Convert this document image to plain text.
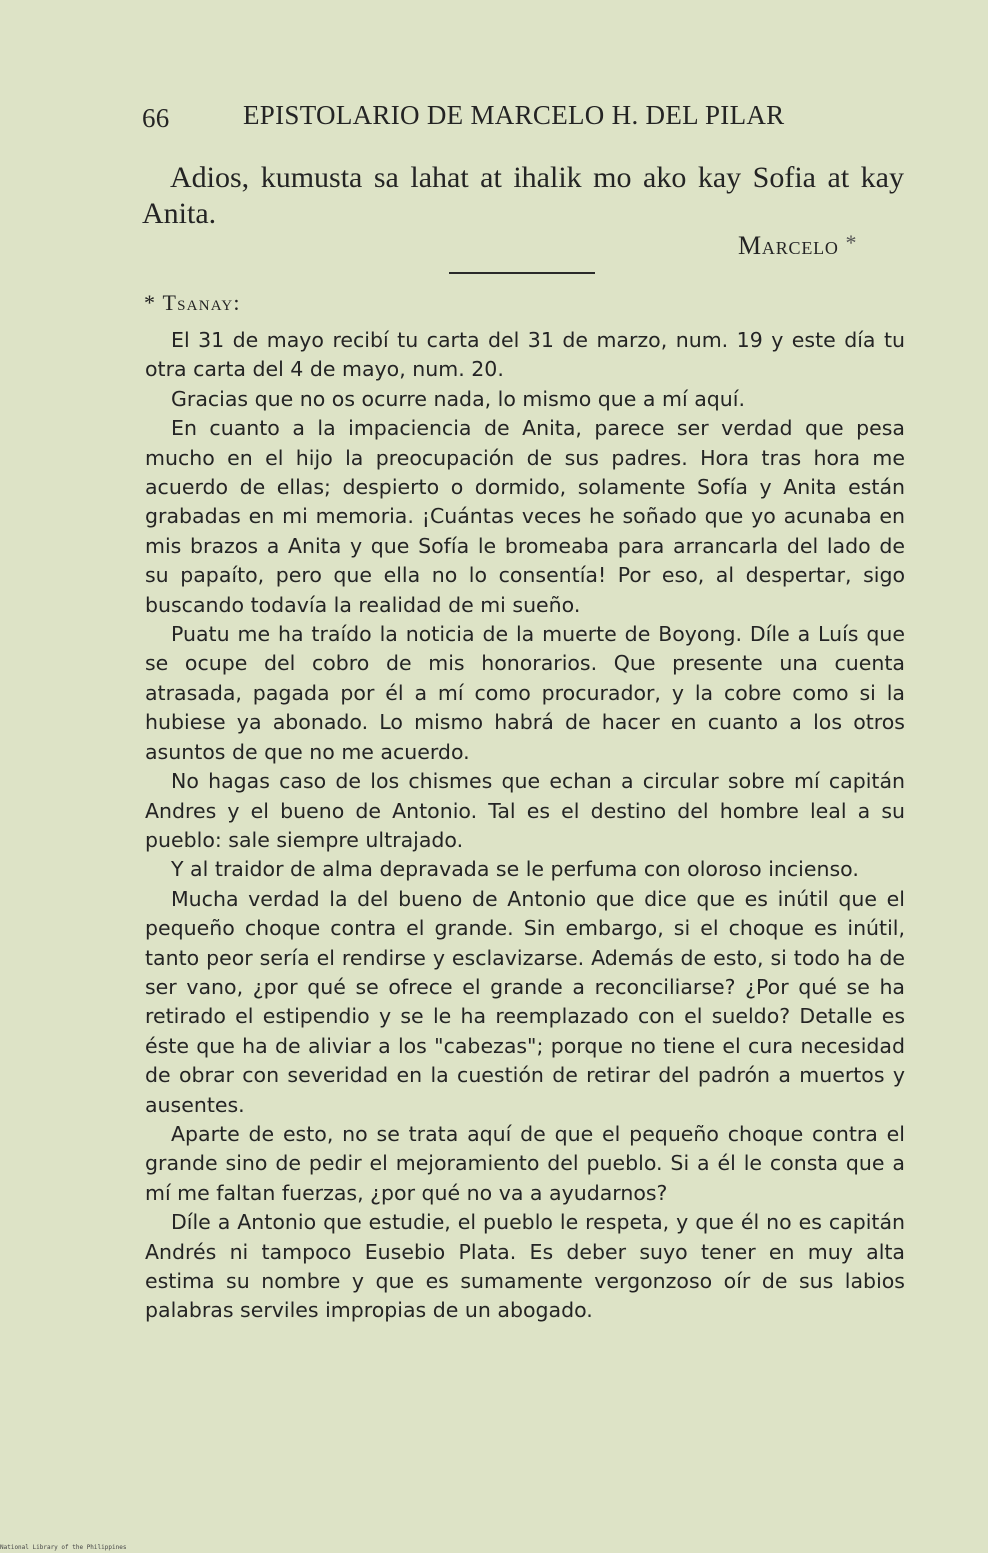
66	EPISTOLARIO DE MARCELO H. DEL PILAR

Adios, kumusta sa lahat at ihalik mo ako kay Sofia at kay Anita.

Marcelo *
* Tsanay:

El 31 de mayo recibí tu carta del 31 de marzo, num. 19 y este día tu otra carta del 4 de mayo, num. 20.

Gracias que no os ocurre nada, lo mismo que a mí aquí.

En cuanto a la impaciencia de Anita, parece ser verdad que pesa mucho en el hijo la preocupación de sus padres. Hora tras hora me acuerdo de ellas; despierto o dormido, solamente Sofía y Anita están grabadas en mi memoria. ¡Cuántas veces he soñado que yo acunaba en mis brazos a Anita y que Sofía le bromeaba para arrancarla del lado de su papaíto, pero que ella no lo consentía! Por eso, al despertar, sigo buscando todavía la realidad de mi sueño.

Puatu me ha traído la noticia de la muerte de Boyong. Díle a Luís que se ocupe del cobro de mis honorarios. Que presente una cuenta atrasada, pagada por él a mí como procurador, y la cobre como si la hubiese ya abonado. Lo mismo habrá de hacer en cuanto a los otros asuntos de que no me acuerdo.

No hagas caso de los chismes que echan a circular sobre mí capitán Andres y el bueno de Antonio. Tal es el destino del hombre leal a su pueblo: sale siempre ultrajado.

Y al traidor de alma depravada se le perfuma con oloroso incienso.

Mucha verdad la del bueno de Antonio que dice que es inútil que el pequeño choque contra el grande. Sin embargo, si el choque es inútil, tanto peor sería el rendirse y esclavizarse. Además de esto, si todo ha de ser vano, ¿por qué se ofrece el grande a reconciliarse? ¿Por qué se ha retirado el estipendio y se le ha reemplazado con el sueldo? Detalle es éste que ha de aliviar a los "cabezas"; porque no tiene el cura necesidad de obrar con severidad en la cuestión de retirar del padrón a muertos y ausentes.

Aparte de esto, no se trata aquí de que el pequeño choque contra el grande sino de pedir el mejoramiento del pueblo. Si a él le consta que a mí me faltan fuerzas, ¿por qué no va a ayudarnos?

Díle a Antonio que estudie, el pueblo le respeta, y que él no es capitán Andrés ni tampoco Eusebio Plata. Es deber suyo tener en muy alta estima su nombre y que es sumamente vergonzoso oír de sus labios palabras serviles impropias de un abogado.

National Library of the Philippines
